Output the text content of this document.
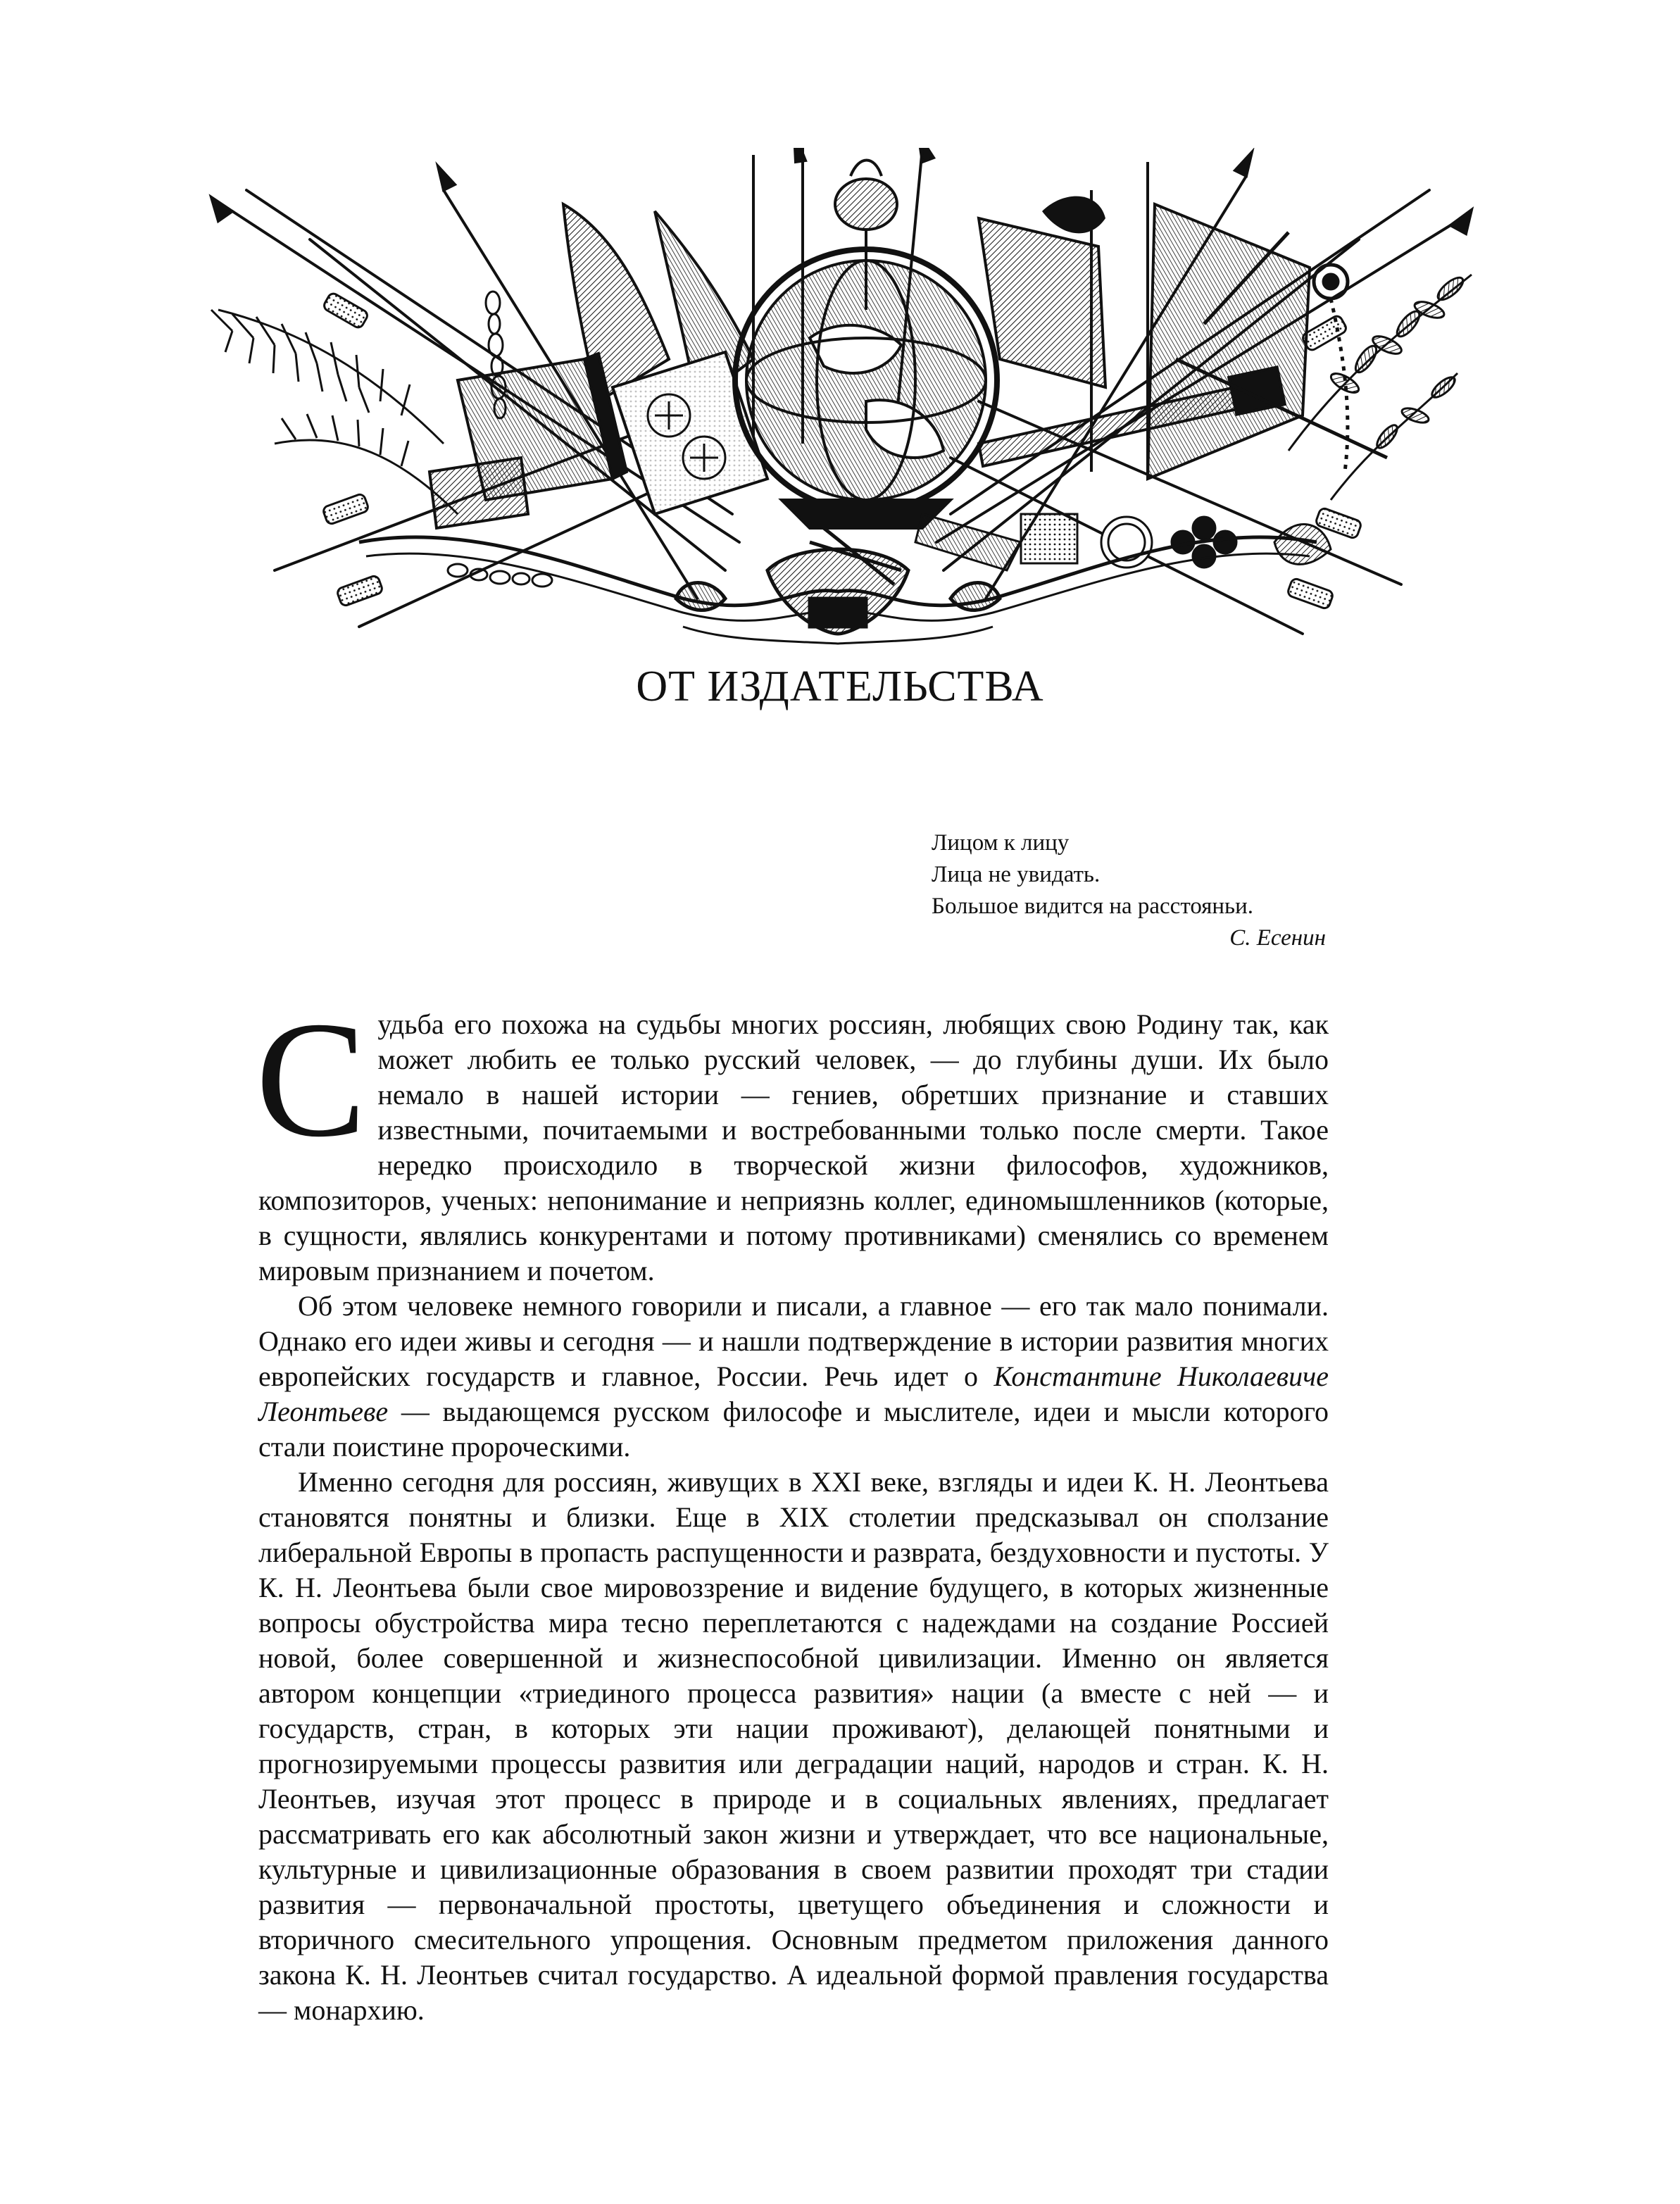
ОТ ИЗДАТЕЛЬСТВА
Лицом к лицу
Лица не увидать.
Большое видится на расстояньи.
С. Есенин

Судьба его похожа на судьбы многих россиян, любящих свою Родину так, как может любить ее только русский человек, — до глубины души. Их было немало в нашей истории — гениев, обретших признание и ставших известными, почитаемыми и востребованными только после смерти. Такое нередко происходило в творческой жизни философов, художников, композиторов, ученых: непонимание и неприязнь коллег, единомышленников (которые, в сущности, являлись конкурентами и потому противниками) сменялись со временем мировым признанием и почетом.

Об этом человеке немного говорили и писали, а главное — его так мало понимали. Однако его идеи живы и сегодня — и нашли подтверждение в истории развития многих европейских государств и главное, России. Речь идет о Константине Николаевиче Леонтьеве — выдающемся русском философе и мыслителе, идеи и мысли которого стали поистине пророческими.

Именно сегодня для россиян, живущих в XXI веке, взгляды и идеи К. Н. Леонтьева становятся понятны и близки. Еще в XIX столетии предсказывал он сползание либеральной Европы в пропасть распущенности и разврата, бездуховности и пустоты. У К. Н. Леонтьева были свое мировоззрение и видение будущего, в которых жизненные вопросы обустройства мира тесно переплетаются с надеждами на создание Россией новой, более совершенной и жизнеспособной цивилизации. Именно он является автором концепции «триединого процесса развития» нации (а вместе с ней — и государств, стран, в которых эти нации проживают), делающей понятными и прогнозируемыми процессы развития или деградации наций, народов и стран. К. Н. Леонтьев, изучая этот процесс в природе и в социальных явлениях, предлагает рассматривать его как абсолютный закон жизни и утверждает, что все национальные, культурные и цивилизационные образования в своем развитии проходят три стадии развития — первоначальной простоты, цветущего объединения и сложности и вторичного смесительного упрощения. Основным предметом приложения данного закона К. Н. Леонтьев считал государство. А идеальной формой правления государства — монархию.
